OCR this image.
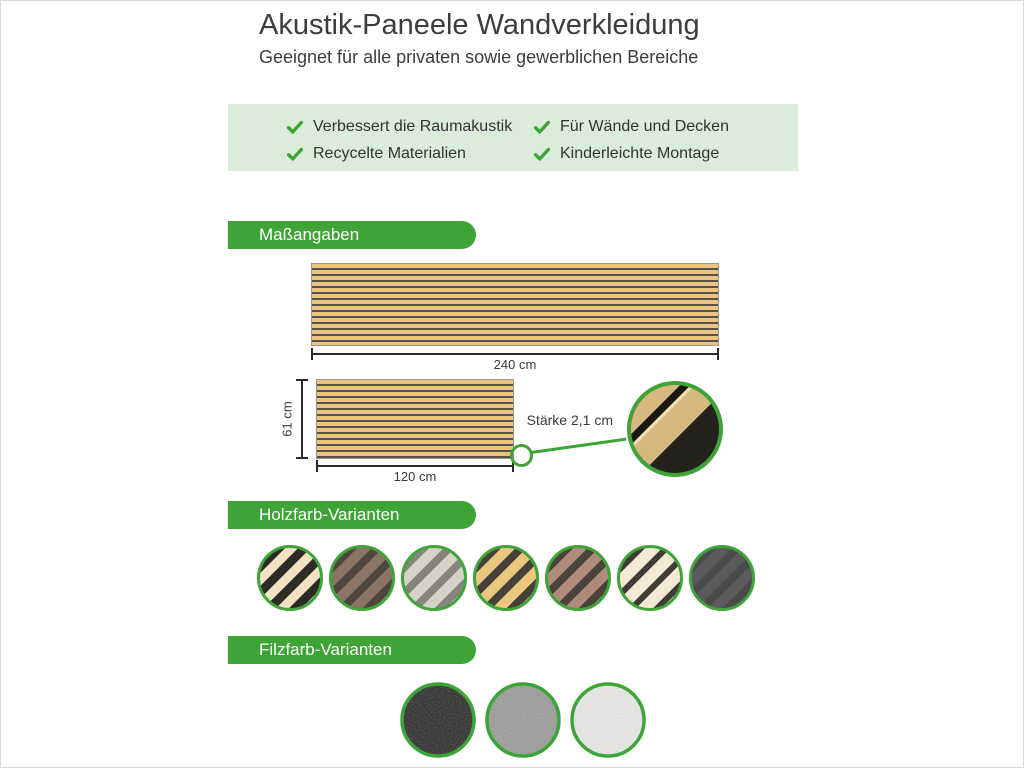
Akustik-Paneele Wandverkleidung
Geeignet für alle privaten sowie gewerblichen Bereiche
Verbessert die Raumakustik	Für Wände und Decken
Recycelte Materialien	Kinderleichte Montage
Maßangaben
240 cm
61 cm
120 cm
Stärke 2,1 cm
Holzfarb-Varianten
Filzfarb-Varianten
